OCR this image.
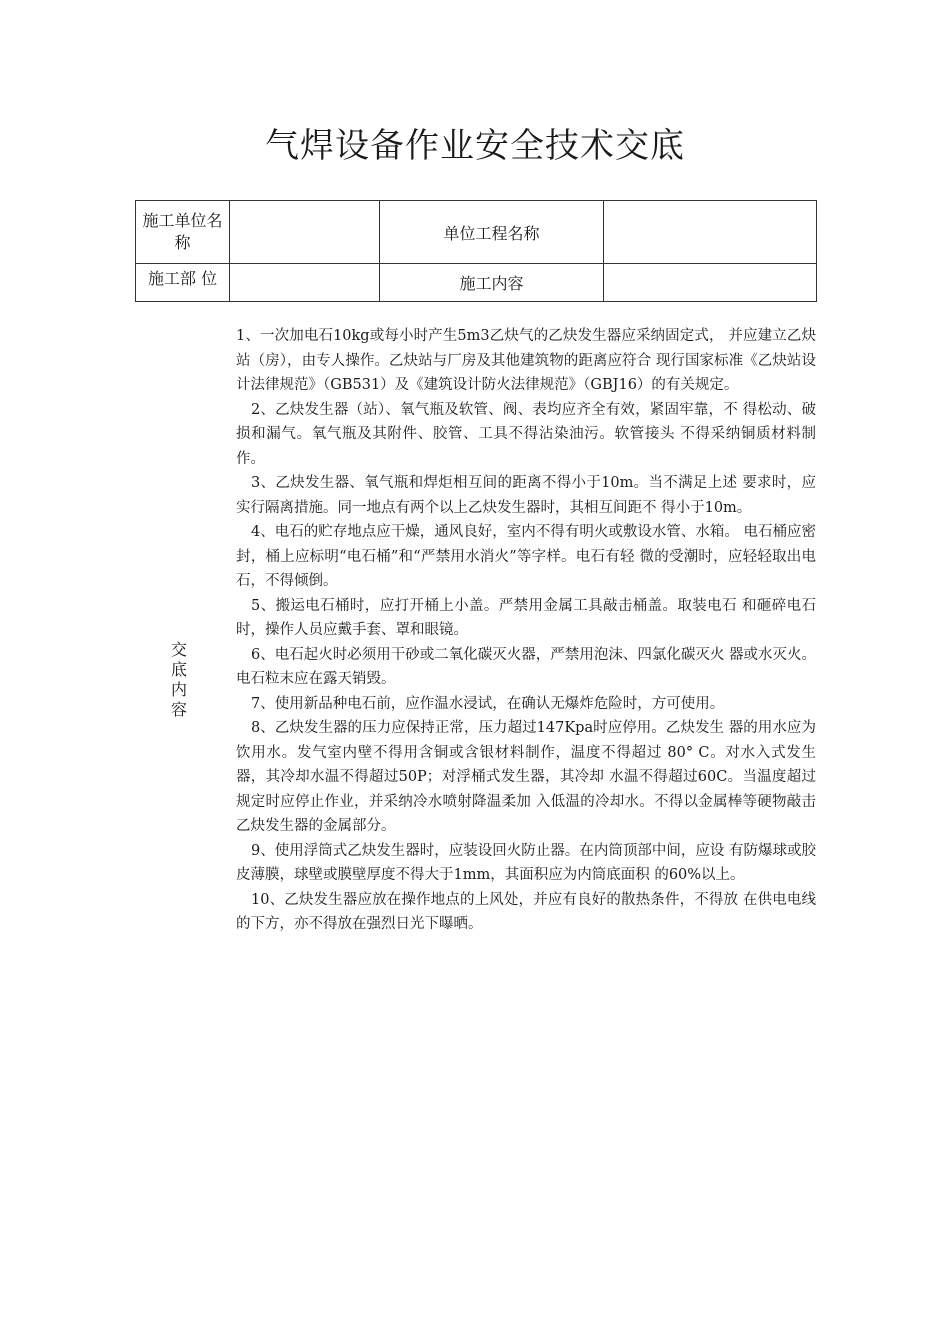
气焊设备作业安全技术交底
施工单位名称		单位工程名称	
施工部 位		施工内容	
交
底
内
容

1、一次加电石10kg或每小时产生5m3乙炔气的乙炔发生器应采纳固定式， 并应建立乙炔站（房），由专人操作。乙炔站与厂房及其他建筑物的距离应符合 现行国家标准《乙炔站设计法律规范》（GB531）及《建筑设计防火法律规范》（GBJ16）的有关规定。

2、乙炔发生器（站）、氧气瓶及软管、阀、表均应齐全有效，紧固牢靠，不 得松动、破损和漏气。氧气瓶及其附件、胶管、工具不得沾染油污。软管接头 不得采纳铜质材料制作。

3、乙炔发生器、氧气瓶和焊炬相互间的距离不得小于10m。当不满足上述 要求时，应实行隔离措施。同一地点有两个以上乙炔发生器时，其相互间距不 得小于10m。

4、电石的贮存地点应干燥，通风良好，室内不得有明火或敷设水管、水箱。 电石桶应密封，桶上应标明“电石桶”和“严禁用水消火”等字样。电石有轻 微的受潮时，应轻轻取出电石，不得倾倒。

5、搬运电石桶时，应打开桶上小盖。严禁用金属工具敲击桶盖。取装电石 和砸碎电石时，操作人员应戴手套、罩和眼镜。

6、电石起火时必须用干砂或二氧化碳灭火器，严禁用泡沫、四氯化碳灭火 器或水灭火。电石粒末应在露天销毁。

7、使用新品种电石前，应作温水浸试，在确认无爆炸危险时，方可使用。

8、乙炔发生器的压力应保持正常，压力超过147Kpa时应停用。乙炔发生 器的用水应为饮用水。发气室内壁不得用含铜或含银材料制作，温度不得超过 80° C。对水入式发生器，其冷却水温不得超过50P；对浮桶式发生器，其冷却 水温不得超过60C。当温度超过规定时应停止作业，并采纳冷水喷射降温柔加 入低温的冷却水。不得以金属棒等硬物敲击乙炔发生器的金属部分。

9、使用浮筒式乙炔发生器时，应装设回火防止器。在内筒顶部中间，应设 有防爆球或胶皮薄膜，球壁或膜壁厚度不得大于1mm，其面积应为内筒底面积 的60%以上。

10、乙炔发生器应放在操作地点的上风处，并应有良好的散热条件，不得放 在供电电线的下方，亦不得放在强烈日光下曝晒。
